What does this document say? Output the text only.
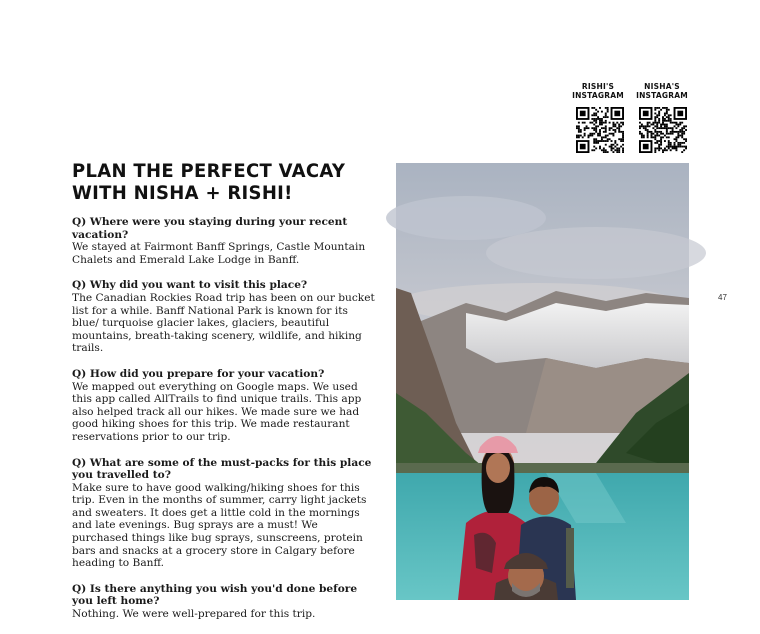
RISHI'S
INSTAGRAM
NISHA'S
INSTAGRAM
PLAN THE PERFECT VACAY
WITH NISHA + RISHI!
Q) Where were you staying during your recent vacation?
We stayed at Fairmont Banff Springs, Castle Mountain Chalets and Emerald Lake Lodge in Banff.
Q) Why did you want to visit this place?
The Canadian Rockies Road trip has been on our bucket list for a while. Banff National Park is known for its blue/ turquoise glacier lakes, glaciers, beautiful mountains, breath-taking scenery, wildlife, and hiking trails.
Q) How did you prepare for your vacation?
We mapped out everything on Google maps. We used this app called AllTrails to find unique trails. This app also helped track all our hikes. We made sure we had good hiking shoes for this trip. We made restaurant reservations prior to our trip.
Q) What are some of the must-packs for this place you travelled to?
Make sure to have good walking/hiking shoes for this trip. Even in the months of summer, carry light jackets and sweaters. It does get a little cold in the mornings and late evenings. Bug sprays are a must! We purchased things like bug sprays, sunscreens, protein bars and snacks at a grocery store in Calgary before heading to Banff.
Q) Is there anything you wish you'd done before you left home?
Nothing. We were well-prepared for this trip.
47
